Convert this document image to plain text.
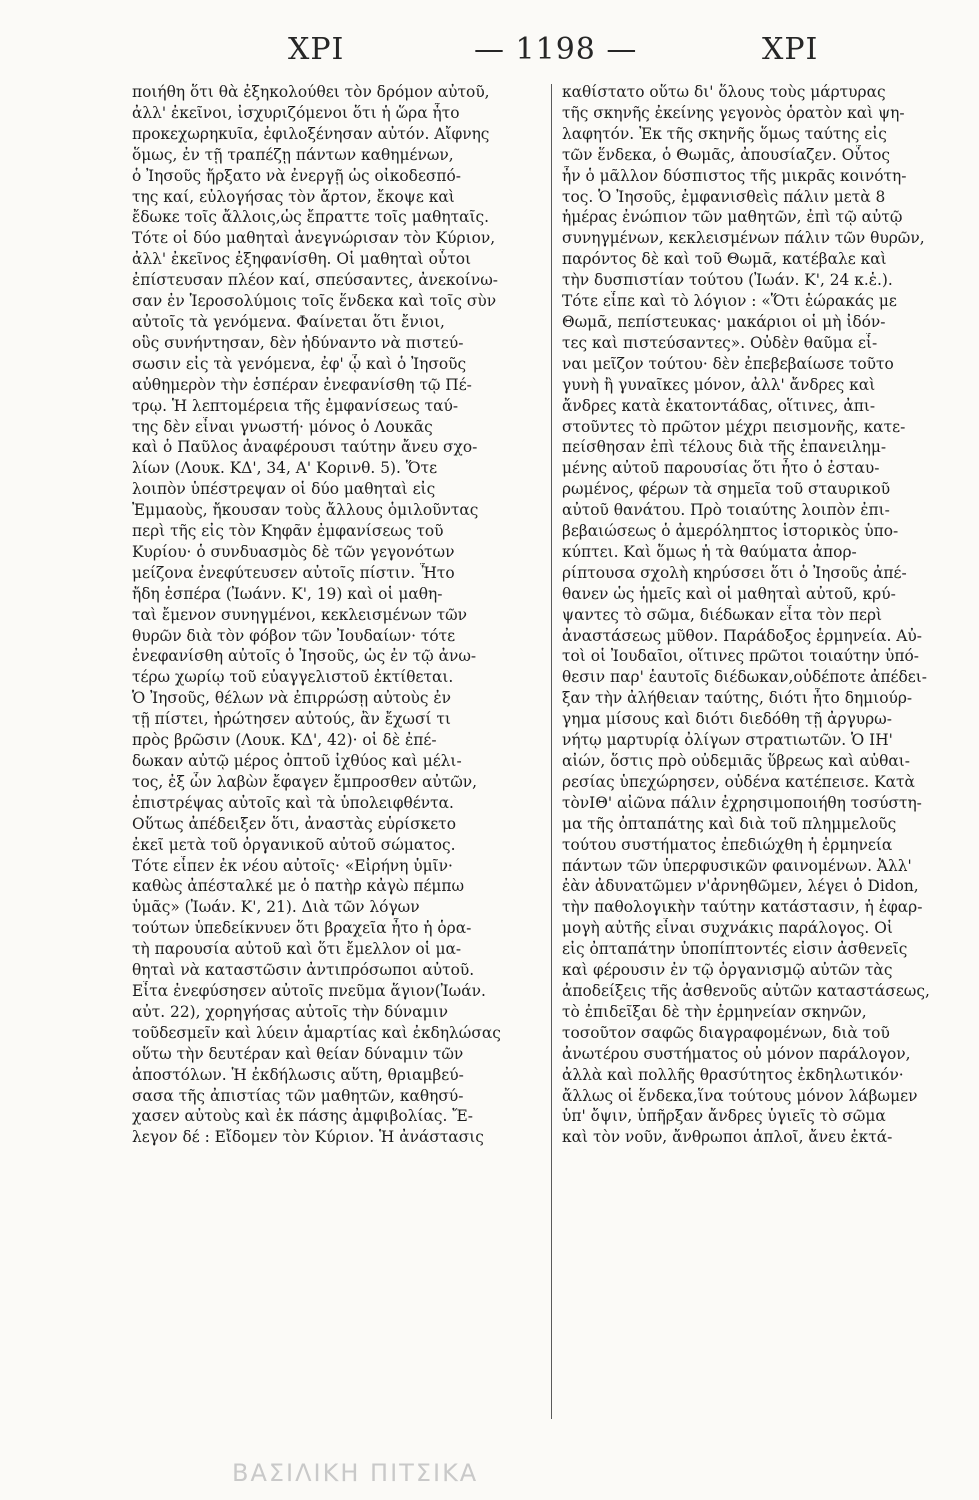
ΧΡΙ	— 1198 —	ΧΡΙ
ποιήθη ὅτι θὰ ἐξηκολούθει τὸν δρόμον αὐτοῦ,
ἀλλ' ἐκεῖνοι, ἰσχυριζόμενοι ὅτι ἡ ὥρα ἦτο
προκεχωρηκυῖα, ἐφιλοξένησαν αὐτόν. Αἴφνης
ὅμως, ἐν τῇ τραπέζῃ πάντων καθημένων,
ὁ Ἰησοῦς ἤρξατο νὰ ἐνεργῇ ὡς οἰκοδεσπό-
της καί, εὐλογήσας τὸν ἄρτον, ἔκοψε καὶ
ἔδωκε τοῖς ἄλλοις,ὡς ἔπραττε τοῖς μαθηταῖς.
Τότε οἱ δύο μαθηταὶ ἀνεγνώρισαν τὸν Κύριον,
ἀλλ' ἐκεῖνος ἐξηφανίσθη. Οἱ μαθηταὶ οὗτοι
ἐπίστευσαν πλέον καί, σπεύσαντες, ἀνεκοίνω-
σαν ἐν Ἱεροσολύμοις τοῖς ἕνδεκα καὶ τοῖς σὺν
αὐτοῖς τὰ γενόμενα. Φαίνεται ὅτι ἔνιοι,
οὓς συνήντησαν, δὲν ἠδύναντο νὰ πιστεύ-
σωσιν εἰς τὰ γενόμενα, ἐφ' ᾧ καὶ ὁ Ἰησοῦς
αὐθημερὸν τὴν ἑσπέραν ἐνεφανίσθη τῷ Πέ-
τρῳ. Ἡ λεπτομέρεια τῆς ἐμφανίσεως ταύ-
της δὲν εἶναι γνωστή· μόνος ὁ Λουκᾶς
καὶ ὁ Παῦλος ἀναφέρουσι ταύτην ἄνευ σχο-
λίων (Λουκ. ΚΔ', 34, Α' Κορινθ. 5). Ὅτε
λοιπὸν ὑπέστρεψαν οἱ δύο μαθηταὶ εἰς
Ἐμμαοὺς, ἤκουσαν τοὺς ἄλλους ὁμιλοῦντας
περὶ τῆς εἰς τὸν Κηφᾶν ἐμφανίσεως τοῦ
Κυρίου· ὁ συνδυασμὸς δὲ τῶν γεγονότων
μείζονα ἐνεφύτευσεν αὐτοῖς πίστιν. Ἦτο
ἤδη ἑσπέρα (Ἰωάνν. Κ', 19) καὶ οἱ μαθη-
ταὶ ἔμενον συνηγμένοι, κεκλεισμένων τῶν
θυρῶν διὰ τὸν φόβον τῶν Ἰουδαίων· τότε
ἐνεφανίσθη αὐτοῖς ὁ Ἰησοῦς, ὡς ἐν τῷ ἀνω-
τέρω χωρίῳ τοῦ εὐαγγελιστοῦ ἐκτίθεται.
Ὁ Ἰησοῦς, θέλων νὰ ἐπιρρώσῃ αὐτοὺς ἐν
τῇ πίστει, ἠρώτησεν αὐτούς, ἂν ἔχωσί τι
πρὸς βρῶσιν (Λουκ. ΚΔ', 42)· οἱ δὲ ἐπέ-
δωκαν αὐτῷ μέρος ὀπτοῦ ἰχθύος καὶ μέλι-
τος, ἐξ ὧν λαβὼν ἔφαγεν ἔμπροσθεν αὐτῶν,
ἐπιστρέψας αὐτοῖς καὶ τὰ ὑπολειφθέντα.
Οὕτως ἀπέδειξεν ὅτι, ἀναστὰς εὑρίσκετο
ἐκεῖ μετὰ τοῦ ὀργανικοῦ αὐτοῦ σώματος.
Τότε εἶπεν ἐκ νέου αὐτοῖς· «Εἰρήνη ὑμῖν·
καθὼς ἀπέσταλκέ με ὁ πατὴρ κἀγὼ πέμπω
ὑμᾶς» (Ἰωάν. Κ', 21). Διὰ τῶν λόγων
τούτων ὑπεδείκνυεν ὅτι βραχεῖα ἦτο ἡ ὁρα-
τὴ παρουσία αὐτοῦ καὶ ὅτι ἔμελλον οἱ μα-
θηταὶ νὰ καταστῶσιν ἀντιπρόσωποι αὐτοῦ.
Εἶτα ἐνεφύσησεν αὐτοῖς πνεῦμα ἅγιον(Ἰωάν.
αὐτ. 22), χορηγήσας αὐτοῖς τὴν δύναμιν
τοῦδεσμεῖν καὶ λύειν ἁμαρτίας καὶ ἐκδηλώσας
οὕτω τὴν δευτέραν καὶ θείαν δύναμιν τῶν
ἀποστόλων. Ἡ ἐκδήλωσις αὕτη, θριαμβεύ-
σασα τῆς ἀπιστίας τῶν μαθητῶν, καθησύ-
χασεν αὐτοὺς καὶ ἐκ πάσης ἀμφιβολίας. Ἔ-
λεγον δέ : Εἴδομεν τὸν Κύριον. Ἡ ἀνάστασις
καθίστατο οὕτω δι' ὅλους τοὺς μάρτυρας
τῆς σκηνῆς ἐκείνης γεγονὸς ὁρατὸν καὶ ψη-
λαφητόν. Ἐκ τῆς σκηνῆς ὅμως ταύτης εἰς
τῶν ἕνδεκα, ὁ Θωμᾶς, ἀπουσίαζεν. Οὗτος
ἦν ὁ μᾶλλον δύσπιστος τῆς μικρᾶς κοινότη-
τος. Ὁ Ἰησοῦς, ἐμφανισθεὶς πάλιν μετὰ 8
ἡμέρας ἐνώπιον τῶν μαθητῶν, ἐπὶ τῷ αὐτῷ
συνηγμένων, κεκλεισμένων πάλιν τῶν θυρῶν,
παρόντος δὲ καὶ τοῦ Θωμᾶ, κατέβαλε καὶ
τὴν δυσπιστίαν τούτου (Ἰωάν. Κ', 24 κ.ἑ.).
Τότε εἶπε καὶ τὸ λόγιον : «Ὅτι ἑώρακάς με
Θωμᾶ, πεπίστευκας· μακάριοι οἱ μὴ ἰδόν-
τες καὶ πιστεύσαντες». Οὐδὲν θαῦμα εἶ-
ναι μεῖζον τούτου· δὲν ἐπεβεβαίωσε τοῦτο
γυνὴ ἢ γυναῖκες μόνον, ἀλλ' ἄνδρες καὶ
ἄνδρες κατὰ ἑκατοντάδας, οἵτινες, ἀπι-
στοῦντες τὸ πρῶτον μέχρι πεισμονῆς, κατε-
πείσθησαν ἐπὶ τέλους διὰ τῆς ἐπανειλημ-
μένης αὐτοῦ παρουσίας ὅτι ἦτο ὁ ἐσταυ-
ρωμένος, φέρων τὰ σημεῖα τοῦ σταυρικοῦ
αὐτοῦ θανάτου. Πρὸ τοιαύτης λοιπὸν ἐπι-
βεβαιώσεως ὁ ἀμερόληπτος ἱστορικὸς ὑπο-
κύπτει. Καὶ ὅμως ἡ τὰ θαύματα ἀπορ-
ρίπτουσα σχολὴ κηρύσσει ὅτι ὁ Ἰησοῦς ἀπέ-
θανεν ὡς ἡμεῖς καὶ οἱ μαθηταὶ αὐτοῦ, κρύ-
ψαντες τὸ σῶμα, διέδωκαν εἶτα τὸν περὶ
ἀναστάσεως μῦθον. Παράδοξος ἑρμηνεία. Αὐ-
τοὶ οἱ Ἰουδαῖοι, οἵτινες πρῶτοι τοιαύτην ὑπό-
θεσιν παρ' ἑαυτοῖς διέδωκαν,οὐδέποτε ἀπέδει-
ξαν τὴν ἀλήθειαν ταύτης, διότι ἦτο δημιούρ-
γημα μίσους καὶ διότι διεδόθη τῇ ἀργυρω-
νήτῳ μαρτυρίᾳ ὀλίγων στρατιωτῶν. Ὁ ΙΗ'
αἰών, ὅστις πρὸ οὐδεμιᾶς ὕβρεως καὶ αὐθαι-
ρεσίας ὑπεχώρησεν, οὐδένα κατέπεισε. Κατὰ
τὸνΙΘ' αἰῶνα πάλιν ἐχρησιμοποιήθη τοσύστη-
μα τῆς ὀπταπάτης καὶ διὰ τοῦ πλημμελοῦς
τούτου συστήματος ἐπεδιώχθη ἡ ἑρμηνεία
πάντων τῶν ὑπερφυσικῶν φαινομένων. Ἀλλ'
ἐὰν ἀδυνατῶμεν ν'ἀρνηθῶμεν, λέγει ὁ Didon,
τὴν παθολογικὴν ταύτην κατάστασιν, ἡ ἐφαρ-
μογὴ αὐτῆς εἶναι συχνάκις παράλογος. Οἱ
εἰς ὀπταπάτην ὑποπίπτοντές εἰσιν ἀσθενεῖς
καὶ φέρουσιν ἐν τῷ ὀργανισμῷ αὐτῶν τὰς
ἀποδείξεις τῆς ἀσθενοῦς αὐτῶν καταστάσεως,
τὸ ἐπιδεῖξαι δὲ τὴν ἑρμηνείαν σκηνῶν,
τοσοῦτον σαφῶς διαγραφομένων, διὰ τοῦ
ἀνωτέρου συστήματος οὐ μόνον παράλογον,
ἀλλὰ καὶ πολλῆς θρασύτητος ἐκδηλωτικόν·
ἄλλως οἱ ἕνδεκα,ἵνα τούτους μόνον λάβωμεν
ὑπ' ὄψιν, ὑπῆρξαν ἄνδρες ὑγιεῖς τὸ σῶμα
καὶ τὸν νοῦν, ἄνθρωποι ἁπλοῖ, ἄνευ ἐκτά-
ΒΑΣΙΛΙΚΗ ΠΙΤΣΙΚΑ
